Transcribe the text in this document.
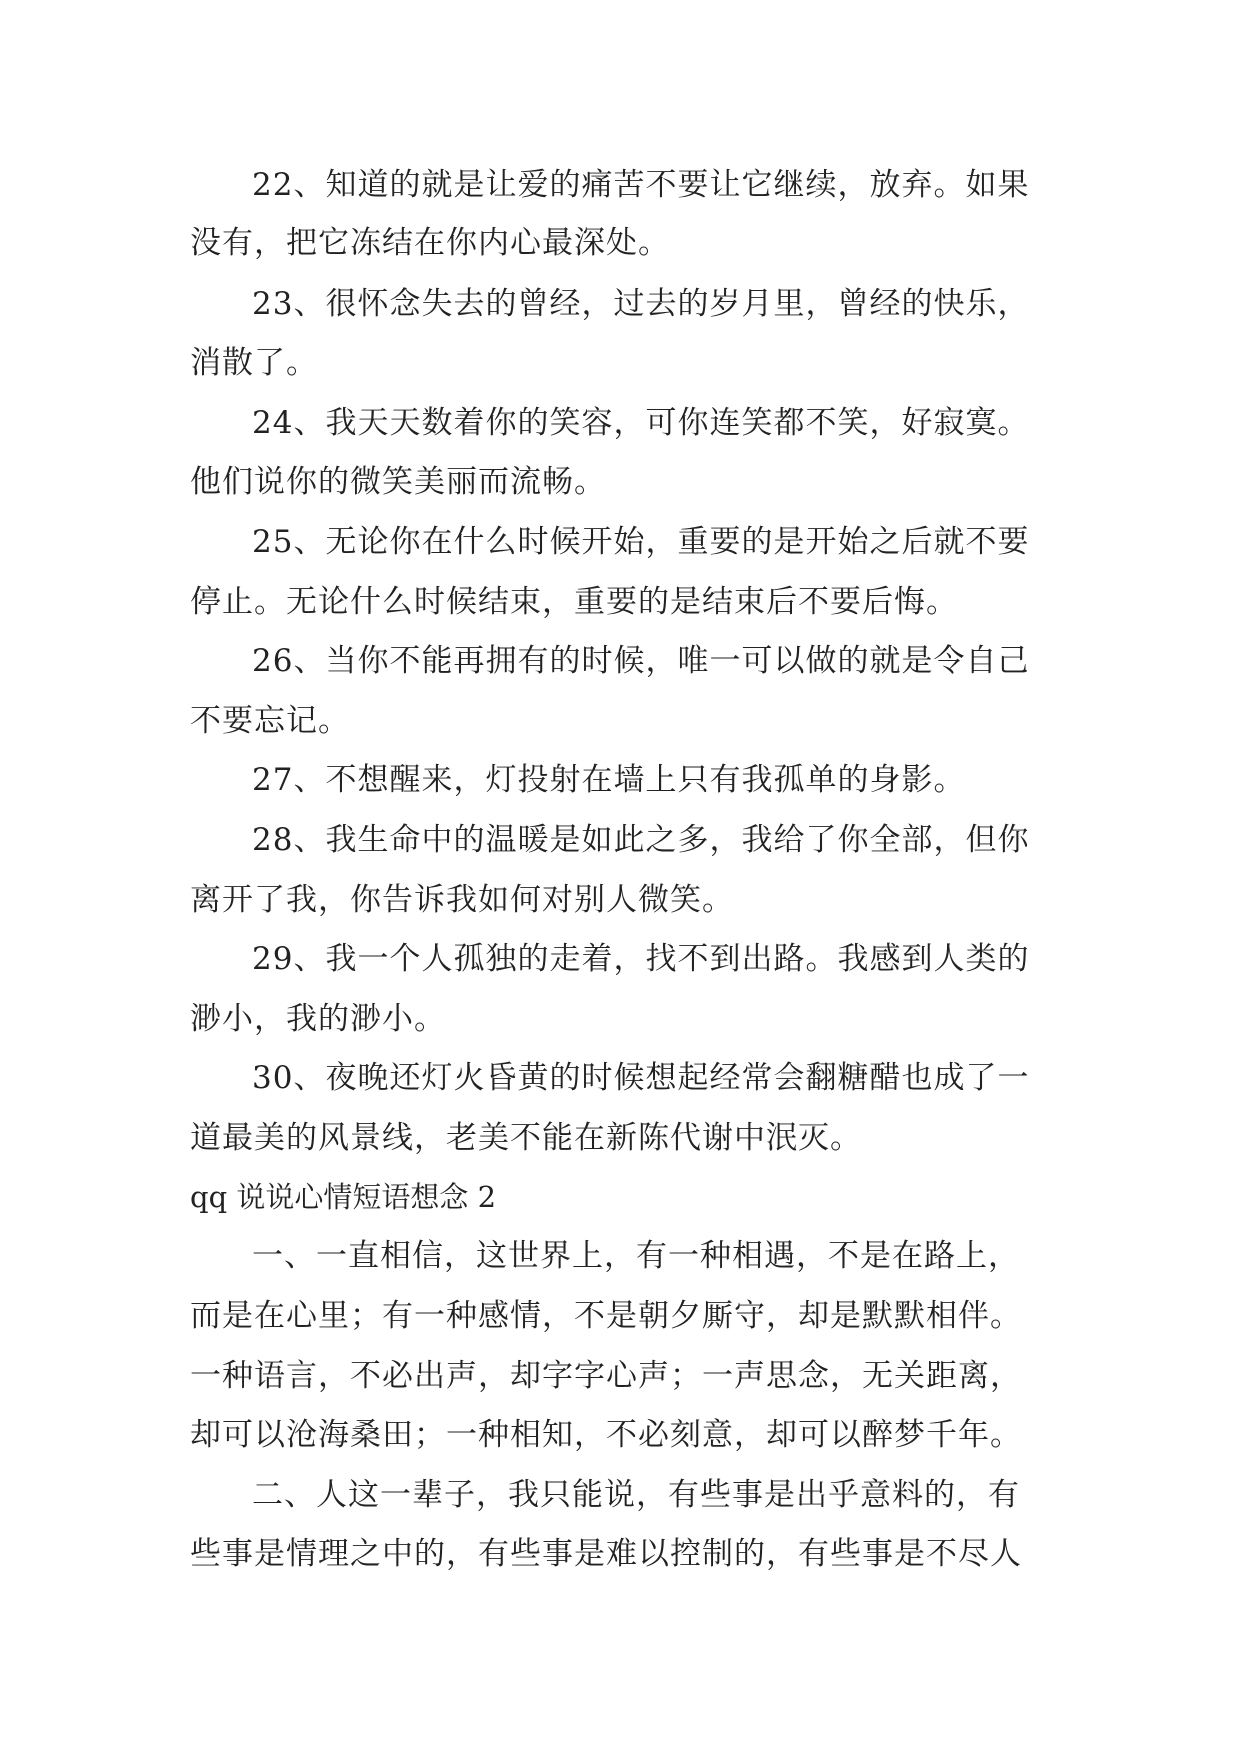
22、知道的就是让爱的痛苦不要让它继续，放弃。如果
没有，把它冻结在你内心最深处。
23、很怀念失去的曾经，过去的岁月里，曾经的快乐，
消散了。
24、我天天数着你的笑容，可你连笑都不笑，好寂寞。
他们说你的微笑美丽而流畅。
25、无论你在什么时候开始，重要的是开始之后就不要
停止。无论什么时候结束，重要的是结束后不要后悔。
26、当你不能再拥有的时候，唯一可以做的就是令自己
不要忘记。
27、不想醒来，灯投射在墙上只有我孤单的身影。
28、我生命中的温暖是如此之多，我给了你全部，但你
离开了我，你告诉我如何对别人微笑。
29、我一个人孤独的走着，找不到出路。我感到人类的
渺小，我的渺小。
30、夜晚还灯火昏黄的时候想起经常会翻糖醋也成了一
道最美的风景线，老美不能在新陈代谢中泯灭。
qq 说说心情短语想念 2
一、一直相信，这世界上，有一种相遇，不是在路上，
而是在心里；有一种感情，不是朝夕厮守，却是默默相伴。
一种语言，不必出声，却字字心声；一声思念，无关距离，
却可以沧海桑田；一种相知，不必刻意，却可以醉梦千年。
二、人这一辈子，我只能说，有些事是出乎意料的，有
些事是情理之中的，有些事是难以控制的，有些事是不尽人
